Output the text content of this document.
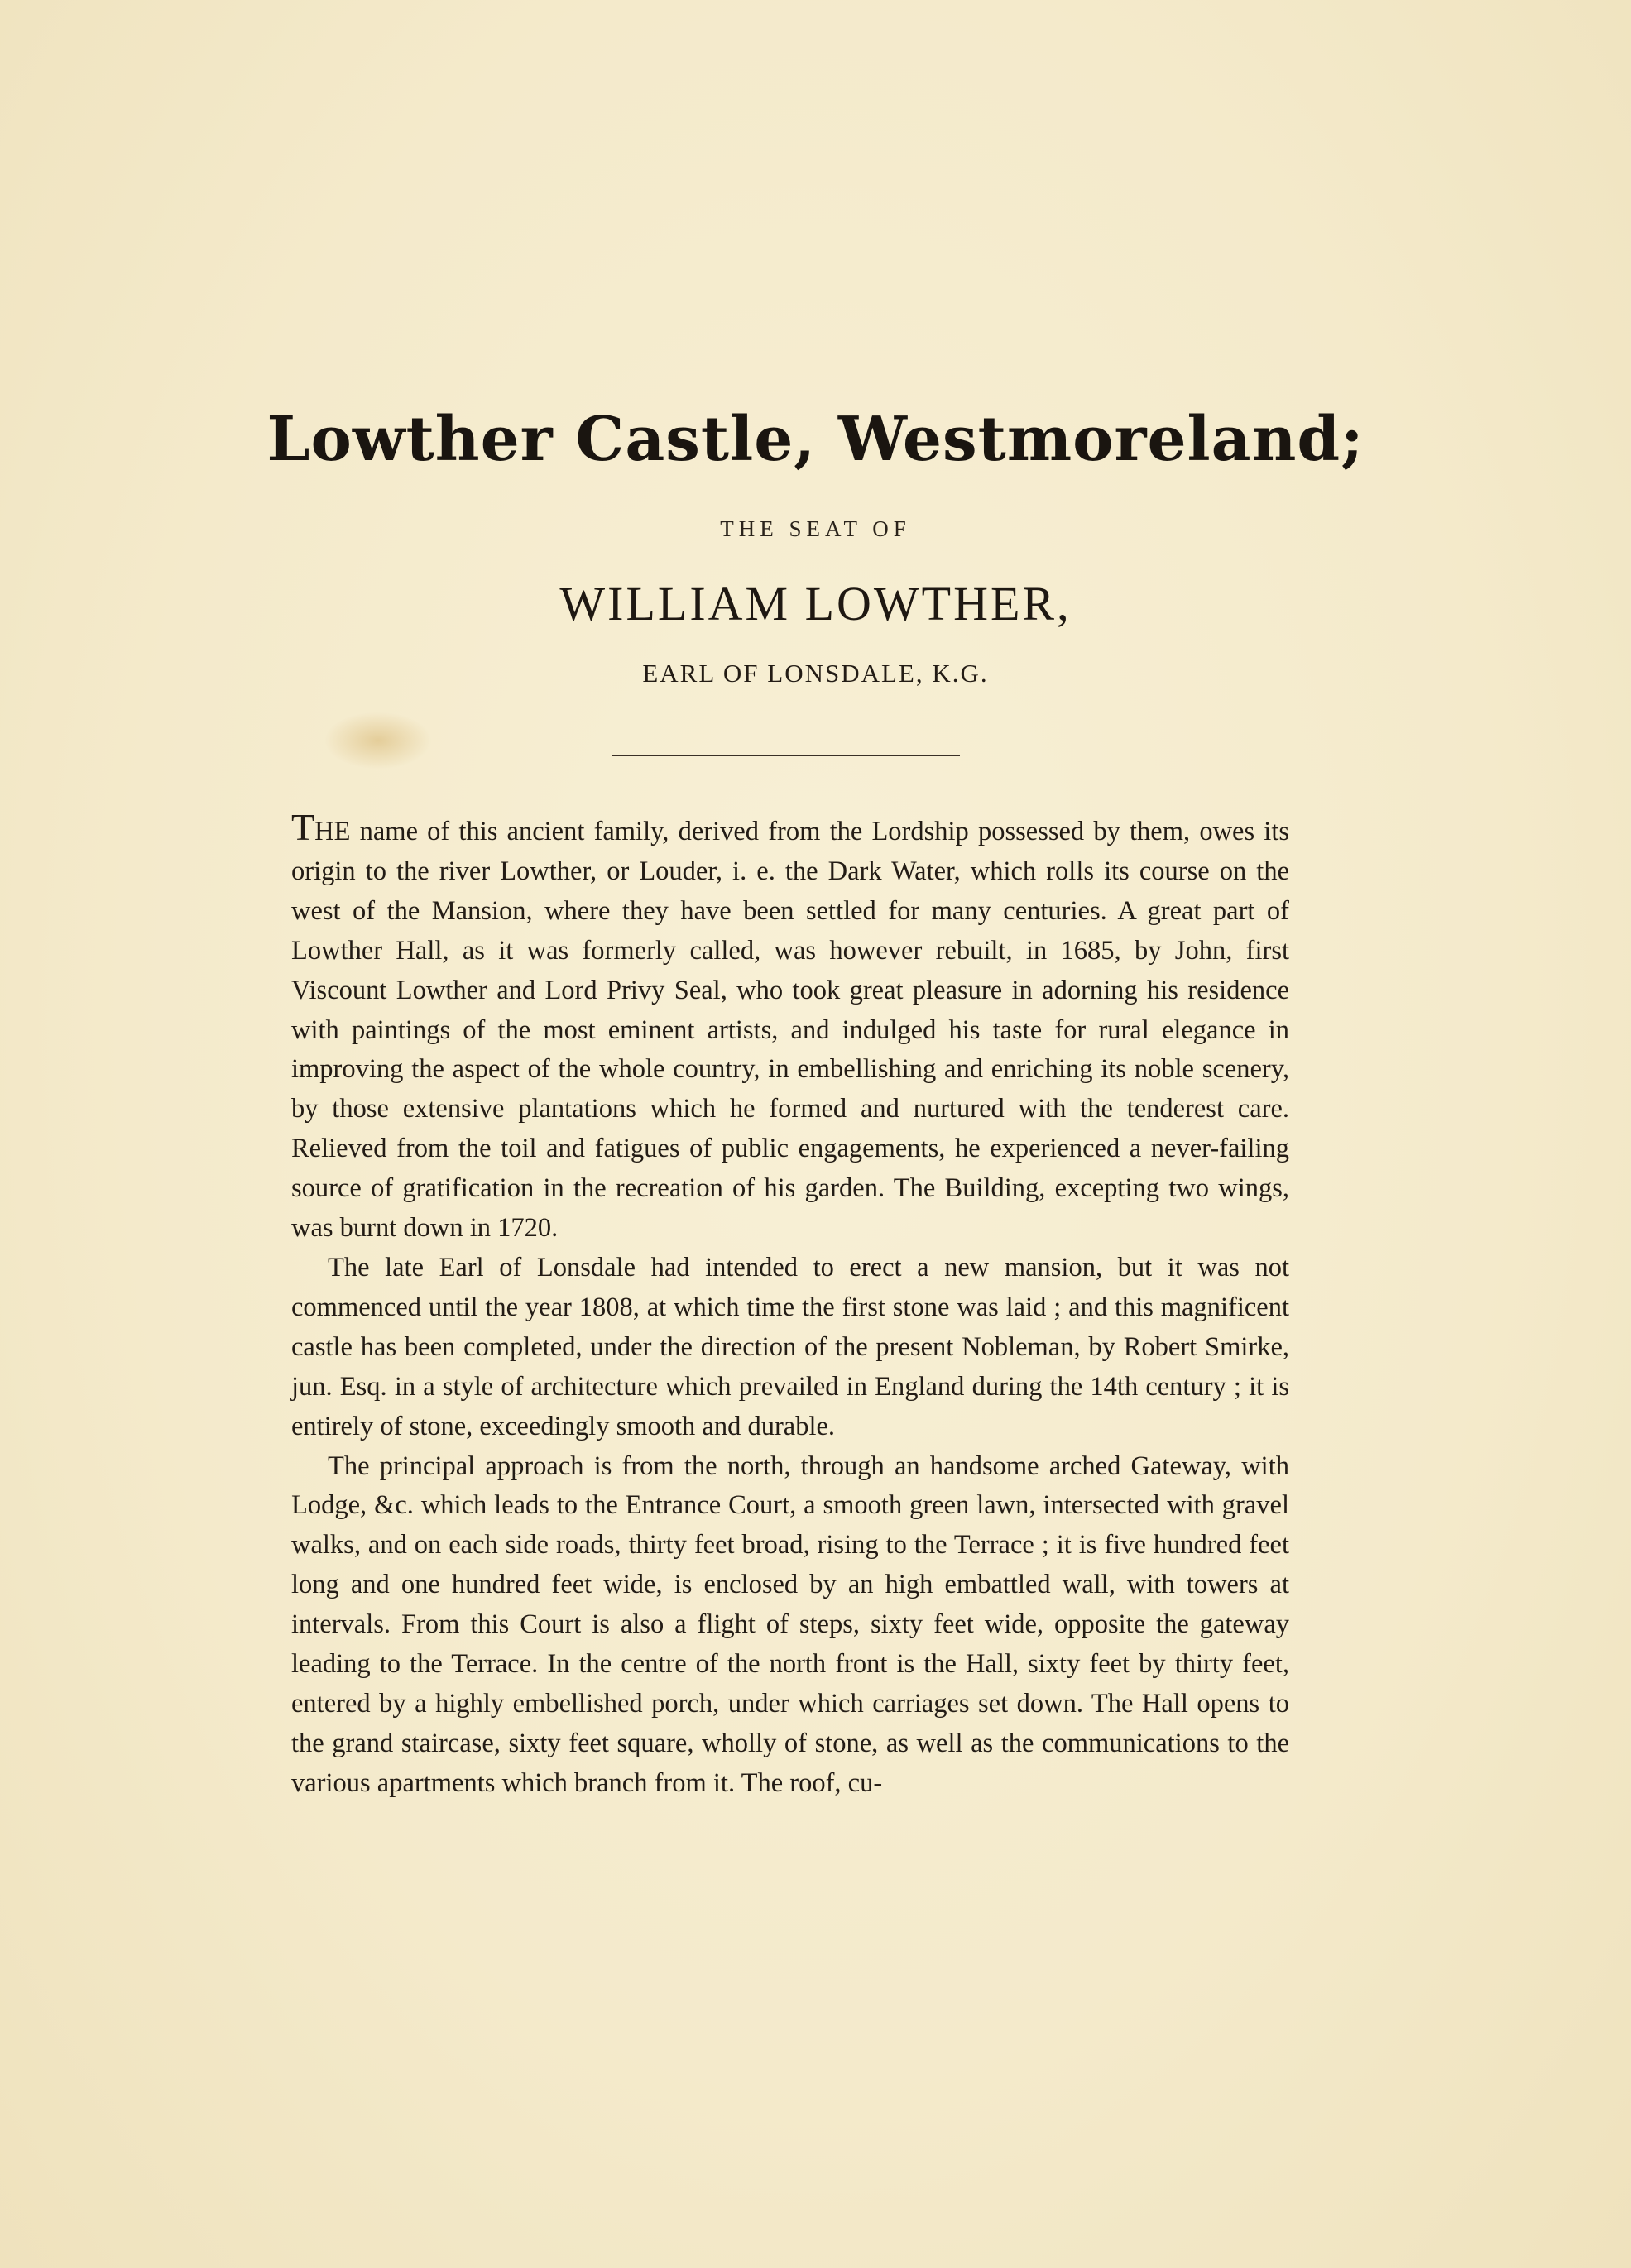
Lowther Castle, Westmoreland;
THE SEAT OF
WILLIAM LOWTHER,
EARL OF LONSDALE, K.G.

THE name of this ancient family, derived from the Lordship possessed by them, owes its origin to the river Lowther, or Louder, i. e. the Dark Water, which rolls its course on the west of the Mansion, where they have been settled for many centuries. A great part of Lowther Hall, as it was formerly called, was however rebuilt, in 1685, by John, first Viscount Lowther and Lord Privy Seal, who took great pleasure in adorning his residence with paintings of the most eminent artists, and indulged his taste for rural elegance in improving the aspect of the whole country, in embellishing and enriching its noble scenery, by those extensive plantations which he formed and nurtured with the tenderest care. Relieved from the toil and fatigues of public engagements, he experienced a never-failing source of gratification in the recreation of his garden. The Building, excepting two wings, was burnt down in 1720.

The late Earl of Lonsdale had intended to erect a new mansion, but it was not commenced until the year 1808, at which time the first stone was laid ; and this magnificent castle has been completed, under the direction of the present Nobleman, by Robert Smirke, jun. Esq. in a style of architecture which prevailed in England during the 14th century ; it is entirely of stone, exceedingly smooth and durable.

The principal approach is from the north, through an handsome arched Gateway, with Lodge, &c. which leads to the Entrance Court, a smooth green lawn, intersected with gravel walks, and on each side roads, thirty feet broad, rising to the Terrace ; it is five hundred feet long and one hundred feet wide, is enclosed by an high embattled wall, with towers at intervals. From this Court is also a flight of steps, sixty feet wide, opposite the gateway leading to the Terrace. In the centre of the north front is the Hall, sixty feet by thirty feet, entered by a highly embellished porch, under which carriages set down. The Hall opens to the grand staircase, sixty feet square, wholly of stone, as well as the communications to the various apartments which branch from it. The roof, cu-
